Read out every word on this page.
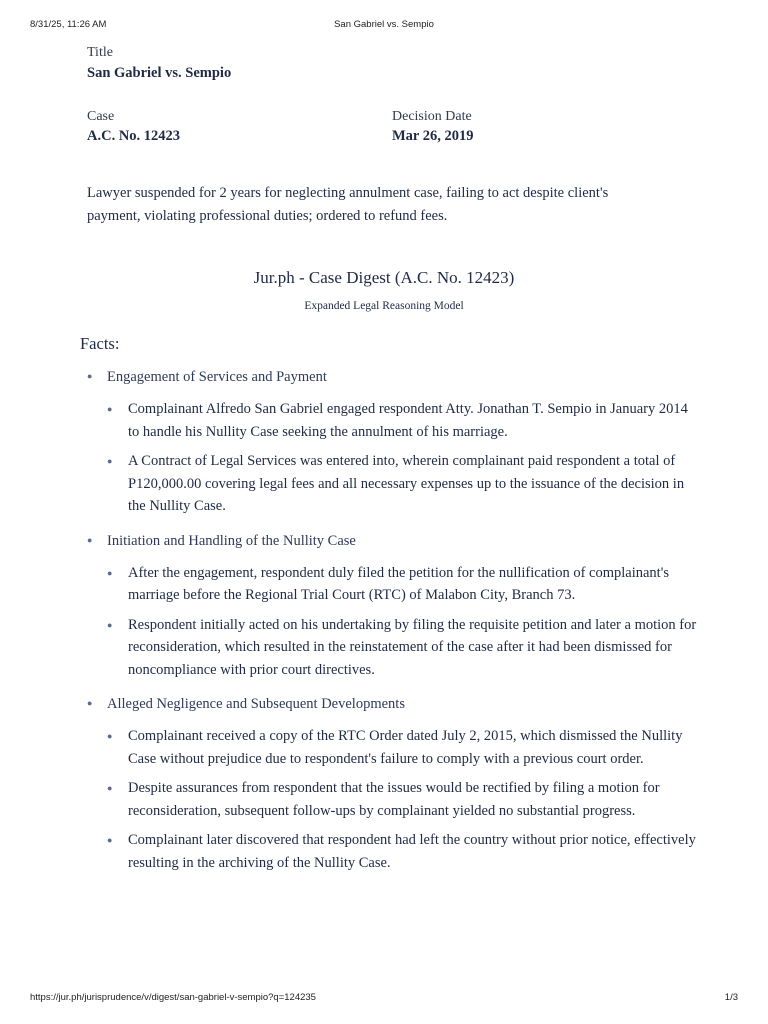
8/31/25, 11:26 AM	San Gabriel vs. Sempio
Title
San Gabriel vs. Sempio
Case
A.C. No. 12423
Decision Date
Mar 26, 2019

Lawyer suspended for 2 years for neglecting annulment case, failing to act despite client's payment, violating professional duties; ordered to refund fees.

Jur.ph - Case Digest (A.C. No. 12423)
Expanded Legal Reasoning Model
Facts:
● Engagement of Services and Payment
● Complainant Alfredo San Gabriel engaged respondent Atty. Jonathan T. Sempio in January 2014 to handle his Nullity Case seeking the annulment of his marriage.
● A Contract of Legal Services was entered into, wherein complainant paid respondent a total of P120,000.00 covering legal fees and all necessary expenses up to the issuance of the decision in the Nullity Case.
● Initiation and Handling of the Nullity Case
● After the engagement, respondent duly filed the petition for the nullification of complainant's marriage before the Regional Trial Court (RTC) of Malabon City, Branch 73.
● Respondent initially acted on his undertaking by filing the requisite petition and later a motion for reconsideration, which resulted in the reinstatement of the case after it had been dismissed for noncompliance with prior court directives.
● Alleged Negligence and Subsequent Developments
● Complainant received a copy of the RTC Order dated July 2, 2015, which dismissed the Nullity Case without prejudice due to respondent's failure to comply with a previous court order.
● Despite assurances from respondent that the issues would be rectified by filing a motion for reconsideration, subsequent follow-ups by complainant yielded no substantial progress.
● Complainant later discovered that respondent had left the country without prior notice, effectively resulting in the archiving of the Nullity Case.
https://jur.ph/jurisprudence/v/digest/san-gabriel-v-sempio?q=124235	1/3
